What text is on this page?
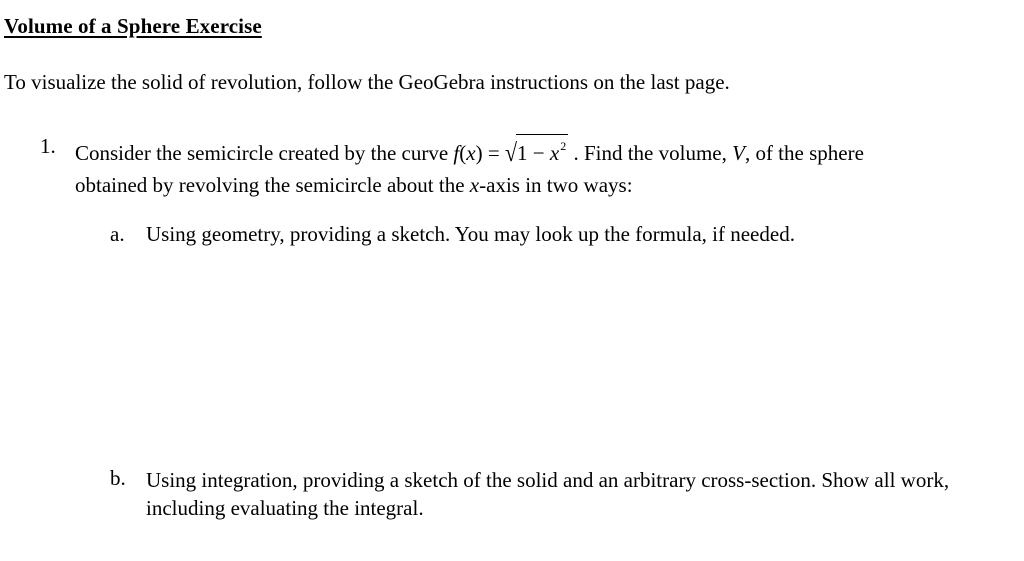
Volume of a Sphere Exercise
To visualize the solid of revolution, follow the GeoGebra instructions on the last page.
1. Consider the semicircle created by the curve $f(x) = √1 - x^2$ . Find the volume, V, of the sphere
obtained by revolving the semicircle about the x-axis in two ways:
a. Using geometry, providing a sketch. You may look up the formula, if needed.
b. Using integration, providing a sketch of the solid and an arbitrary cross-section. Show all work, including evaluating the integral.
